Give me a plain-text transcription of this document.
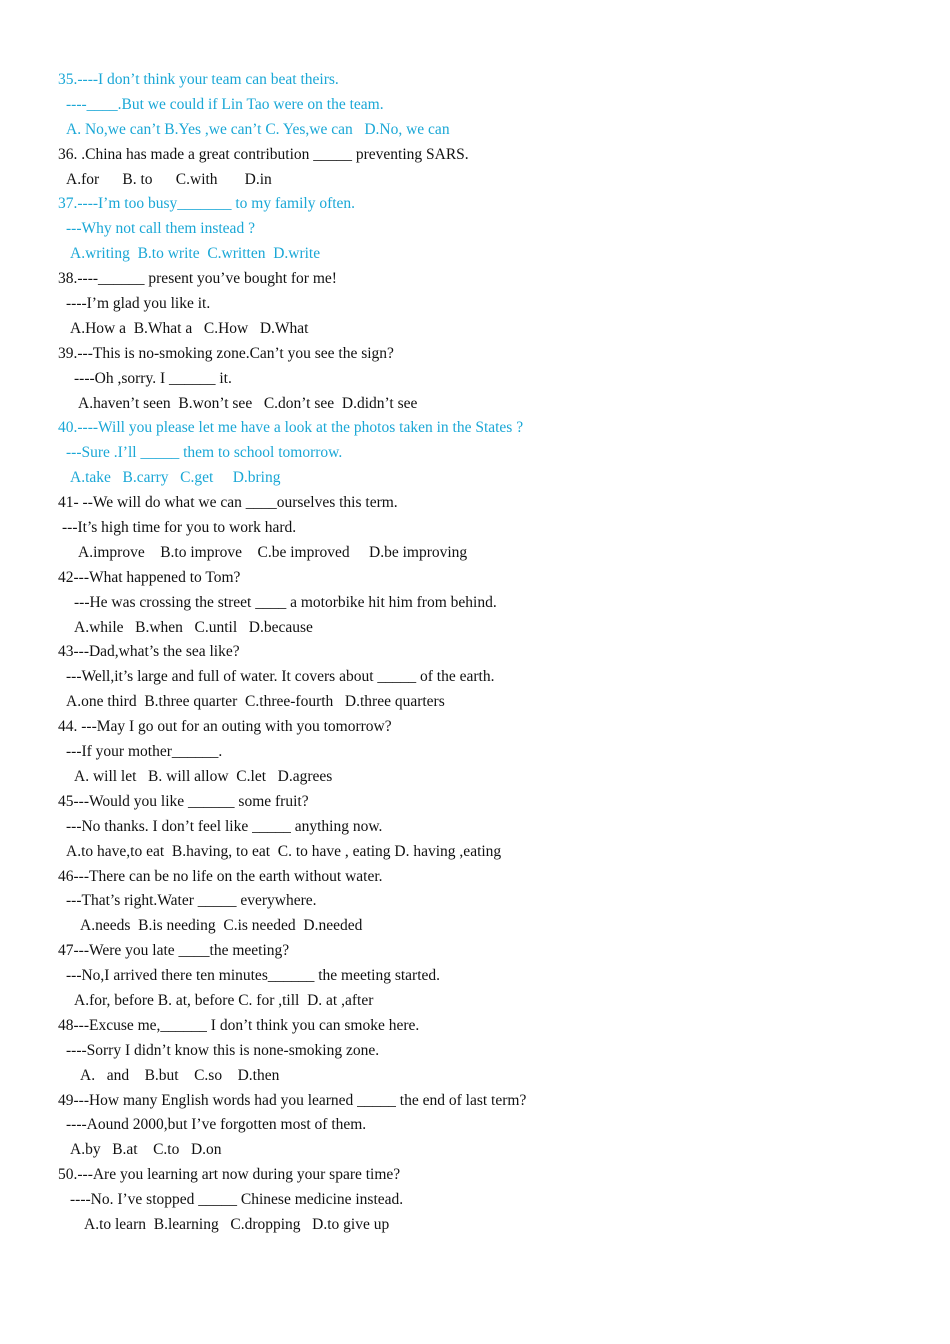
35.----I don’t think your team can beat theirs.
----____.But we could if Lin Tao were on the team.
A. No,we can’t B.Yes ,we can’t C. Yes,we can   D.No, we can
36. .China has made a great contribution _____ preventing SARS.
A.for      B. to      C.with       D.in
37.----I’m too busy_______ to my family often.
---Why not call them instead ?
A.writing  B.to write  C.written  D.write
38.----______ present you’ve bought for me!
----I’m glad you like it.
A.How a  B.What a   C.How   D.What
39.---This is no-smoking zone.Can’t you see the sign?
----Oh ,sorry. I ______ it.
A.haven’t seen  B.won’t see   C.don’t see  D.didn’t see
40.----Will you please let me have a look at the photos taken in the States ?
---Sure .I’ll _____ them to school tomorrow.
A.take   B.carry   C.get     D.bring
41- --We will do what we can ____ourselves this term.
---It’s high time for you to work hard.
A.improve    B.to improve    C.be improved     D.be improving
42---What happened to Tom?
---He was crossing the street ____ a motorbike hit him from behind.
A.while   B.when   C.until   D.because
43---Dad,what’s the sea like?
---Well,it’s large and full of water. It covers about _____ of the earth.
A.one third  B.three quarter  C.three-fourth   D.three quarters
44. ---May I go out for an outing with you tomorrow?
---If your mother______.
A. will let   B. will allow  C.let   D.agrees
45---Would you like ______ some fruit?
---No thanks. I don’t feel like _____ anything now.
A.to have,to eat  B.having, to eat  C. to have , eating D. having ,eating
46---There can be no life on the earth without water.
---That’s right.Water _____ everywhere.
A.needs  B.is needing  C.is needed  D.needed
47---Were you late ____the meeting?
---No,I arrived there ten minutes______ the meeting started.
A.for, before B. at, before C. for ,till  D. at ,after
48---Excuse me,______ I don’t think you can smoke here.
----Sorry I didn’t know this is none-smoking zone.
A.   and    B.but    C.so    D.then
49---How many English words had you learned _____ the end of last term?
----Aound 2000,but I’ve forgotten most of them.
A.by   B.at    C.to   D.on
50.---Are you learning art now during your spare time?
----No. I’ve stopped _____ Chinese medicine instead.
A.to learn  B.learning   C.dropping   D.to give up
